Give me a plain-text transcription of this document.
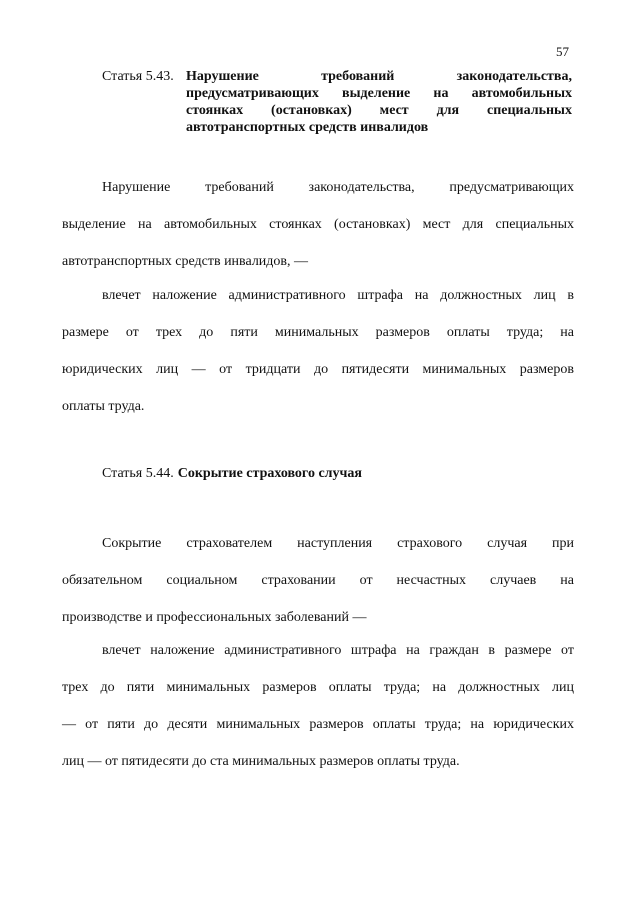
57
Статья 5.43. Нарушение требований законодательства,
предусматривающих выделение на автомобильных
стоянках (остановках) мест для специальных
автотранспортных средств инвалидов
Нарушение требований законодательства, предусматривающих
выделение на автомобильных стоянках (остановках) мест для специальных
автотранспортных средств инвалидов, —
влечет наложение административного штрафа на должностных лиц в
размере от трех до пяти минимальных размеров оплаты труда; на
юридических лиц — от тридцати до пятидесяти минимальных размеров
оплаты труда.
Статья 5.44. Сокрытие страхового случая
Сокрытие страхователем наступления страхового случая при
обязательном социальном страховании от несчастных случаев на
производстве и профессиональных заболеваний —
влечет наложение административного штрафа на граждан в размере от
трех до пяти минимальных размеров оплаты труда; на должностных лиц
— от пяти до десяти минимальных размеров оплаты труда; на юридических
лиц — от пятидесяти до ста минимальных размеров оплаты труда.
